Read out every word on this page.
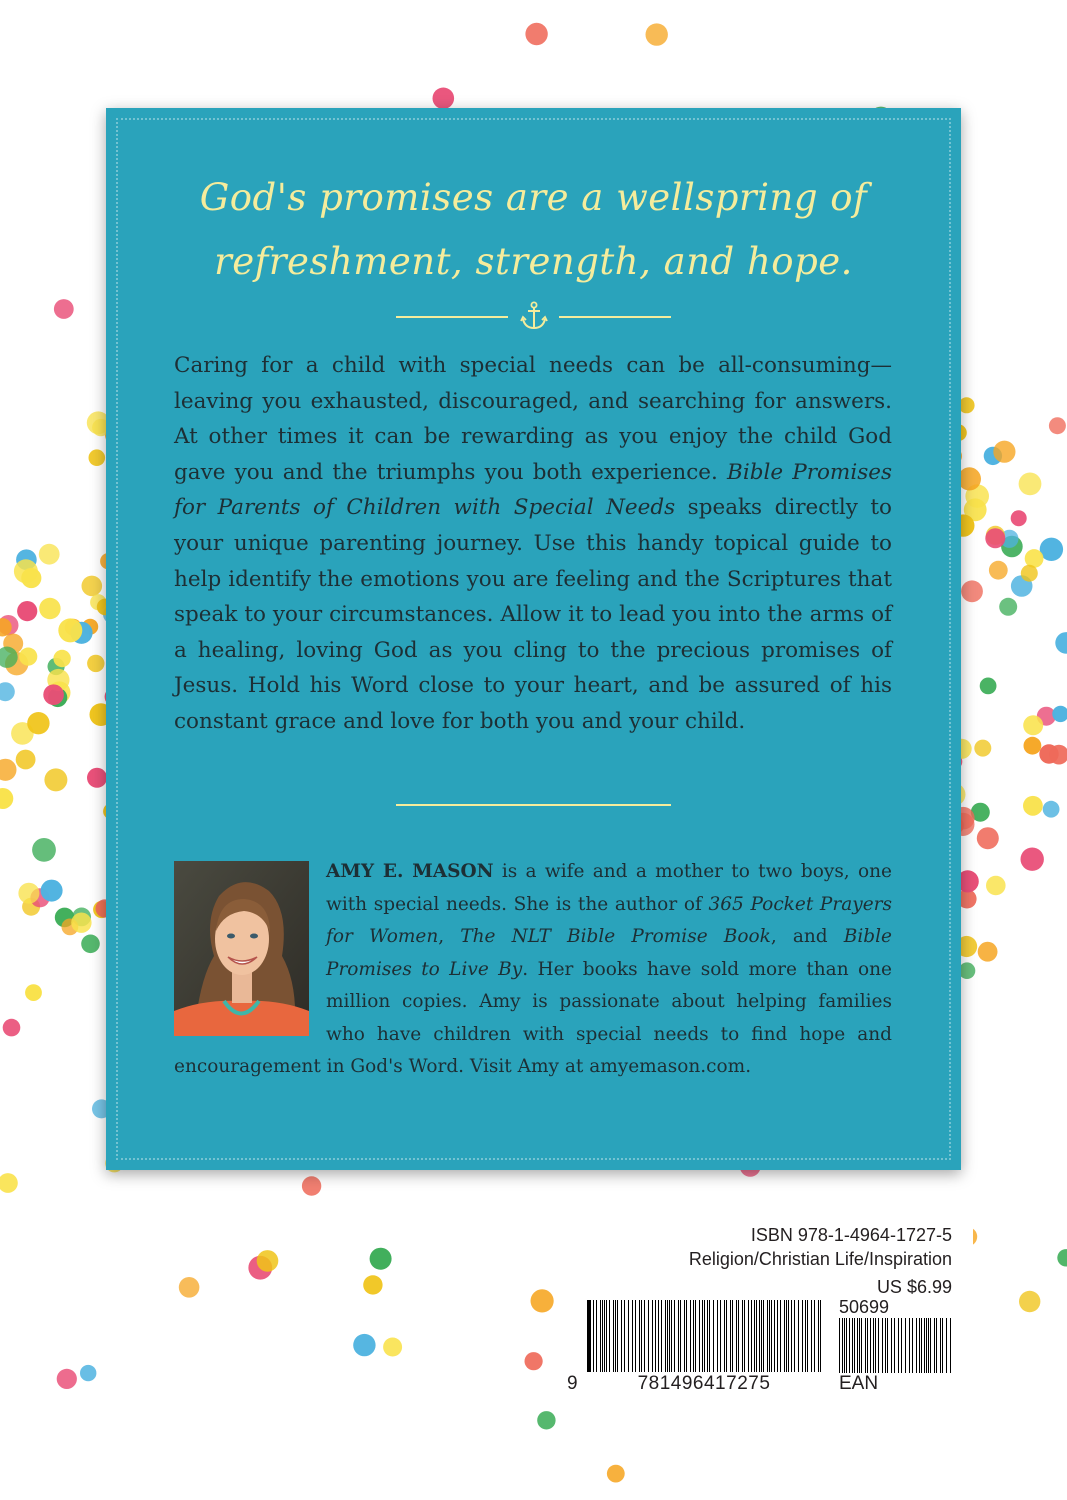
God's promises are a wellspring of
refreshment, strength, and hope.

Caring for a child with special needs can be all-consuming—leaving you exhausted, discouraged, and searching for answers. At other times it can be rewarding as you enjoy the child God gave you and the triumphs you both experience. Bible Promises for Parents of Children with Special Needs speaks directly to your unique parenting journey. Use this handy topical guide to help identify the emotions you are feeling and the Scriptures that speak to your circumstances. Allow it to lead you into the arms of a healing, loving God as you cling to the precious promises of Jesus. Hold his Word close to your heart, and be assured of his constant grace and love for both you and your child.

AMY E. MASON is a wife and a mother to two boys, one with special needs. She is the author of 365 Pocket Prayers for Women, The NLT Bible Promise Book, and Bible Promises to Live By. Her books have sold more than one million copies. Amy is passionate about helping families who have children with special needs to find hope and encouragement in God's Word. Visit Amy at amyemason.com.

ISBN 978-1-4964-1727-5
Religion/Christian Life/Inspiration
US $6.99
50699
9	781496417275	EAN
